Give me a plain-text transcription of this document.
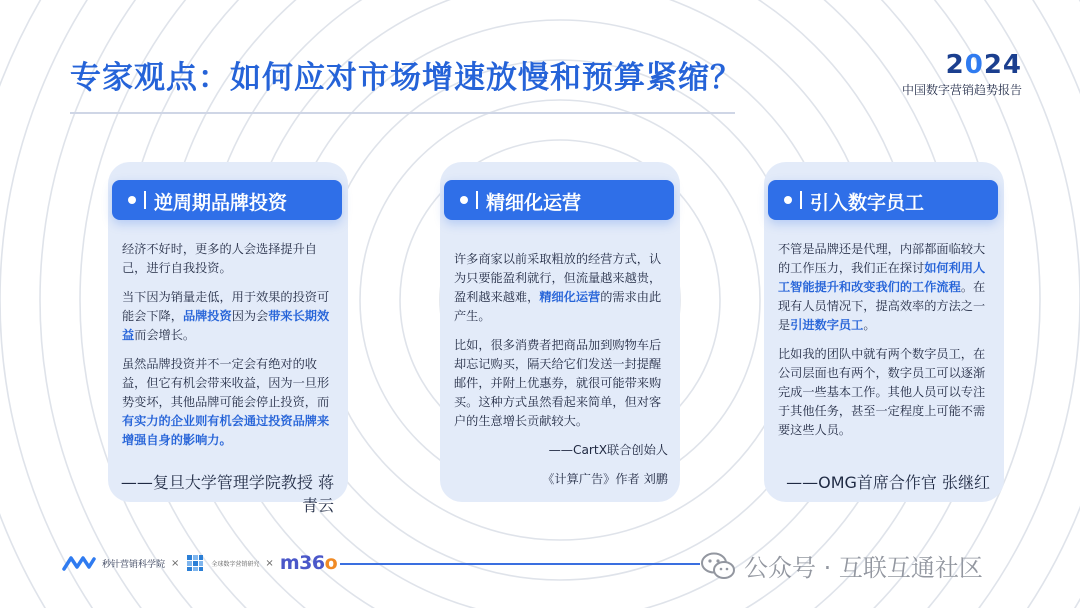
专家观点：如何应对市场增速放慢和预算紧缩？	2024
中国数字营销趋势报告
逆周期品牌投资

经济不好时，更多的人会选择提升自己，进行自我投资。

当下因为销量走低，用于效果的投资可能会下降，品牌投资因为会带来长期效益而会增长。

虽然品牌投资并不一定会有绝对的收益，但它有机会带来收益，因为一旦形势变坏，其他品牌可能会停止投资，而有实力的企业则有机会通过投资品牌来增强自身的影响力。

——复旦大学管理学院教授 蒋青云

精细化运营

许多商家以前采取粗放的经营方式，认为只要能盈利就行，但流量越来越贵，盈利越来越难，精细化运营的需求由此产生。

比如，很多消费者把商品加到购物车后却忘记购买，隔天给它们发送一封提醒邮件，并附上优惠券，就很可能带来购买。这种方式虽然看起来简单，但对客户的生意增长贡献较大。

——CartX联合创始人

《计算广告》作者 刘鹏

引入数字员工

不管是品牌还是代理，内部都面临较大的工作压力，我们正在探讨如何利用人工智能提升和改变我们的工作流程。在现有人员情况下，提高效率的方法之一是引进数字员工。

比如我的团队中就有两个数字员工，在公司层面也有两个，数字员工可以逐渐完成一些基本工作。其他人员可以专注于其他任务，甚至一定程度上可能不需要这些人员。

——OMG首席合作官 张继红

秒针营销科学院 ×	全球数字营销研究 × m36o	公众号 · 互联互通社区
